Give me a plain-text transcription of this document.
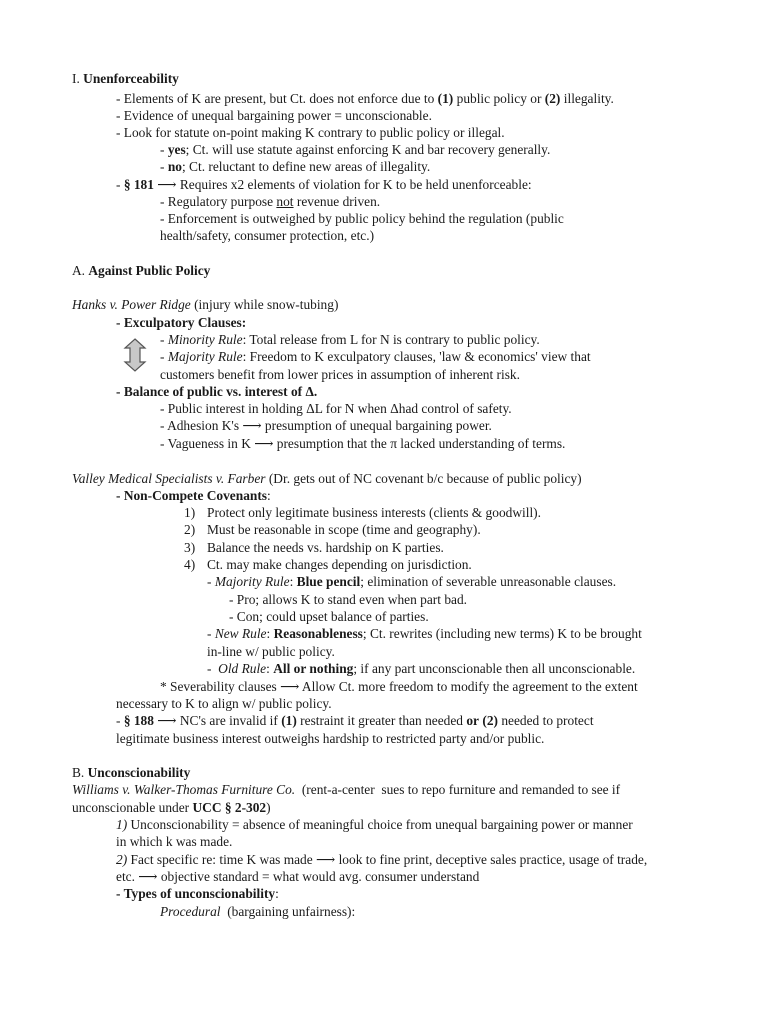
I. Unenforceability
- Elements of K are present, but Ct. does not enforce due to (1) public policy or (2) illegality.
- Evidence of unequal bargaining power = unconscionable.
- Look for statute on-point making K contrary to public policy or illegal.
- yes; Ct. will use statute against enforcing K and bar recovery generally.
- no; Ct. reluctant to define new areas of illegality.
- § 181 ⟶ Requires x2 elements of violation for K to be held unenforceable:
- Regulatory purpose not revenue driven.
- Enforcement is outweighed by public policy behind the regulation (public
health/safety, consumer protection, etc.)
A. Against Public Policy
Hanks v. Power Ridge (injury while snow-tubing)
- Exculpatory Clauses:
- Minority Rule: Total release from L for N is contrary to public policy.
- Majority Rule: Freedom to K exculpatory clauses, 'law & economics' view that
customers benefit from lower prices in assumption of inherent risk.
- Balance of public vs. interest of Δ.
- Public interest in holding ΔL for N when Δhad control of safety.
- Adhesion K's ⟶ presumption of unequal bargaining power.
- Vagueness in K ⟶ presumption that the π lacked understanding of terms.
Valley Medical Specialists v. Farber (Dr. gets out of NC covenant b/c because of public policy)
- Non-Compete Covenants:
1) Protect only legitimate business interests (clients & goodwill).
2) Must be reasonable in scope (time and geography).
3) Balance the needs vs. hardship on K parties.
4) Ct. may make changes depending on jurisdiction.
- Majority Rule: Blue pencil; elimination of severable unreasonable clauses.
- Pro; allows K to stand even when part bad.
- Con; could upset balance of parties.
- New Rule: Reasonableness; Ct. rewrites (including new terms) K to be brought
in-line w/ public policy.
-  Old Rule: All or nothing; if any part unconscionable then all unconscionable.
* Severability clauses ⟶ Allow Ct. more freedom to modify the agreement to the extent
necessary to K to align w/ public policy.
- § 188 ⟶ NC's are invalid if (1) restraint it greater than needed or (2) needed to protect
legitimate business interest outweighs hardship to restricted party and/or public.
B. Unconscionability
Williams v. Walker-Thomas Furniture Co.  (rent-a-center  sues to repo furniture and remanded to see if
unconscionable under UCC § 2-302)
1) Unconscionability = absence of meaningful choice from unequal bargaining power or manner
in which k was made.
2) Fact specific re: time K was made ⟶ look to fine print, deceptive sales practice, usage of trade,
etc. ⟶ objective standard = what would avg. consumer understand
- Types of unconscionability:
Procedural  (bargaining unfairness):
